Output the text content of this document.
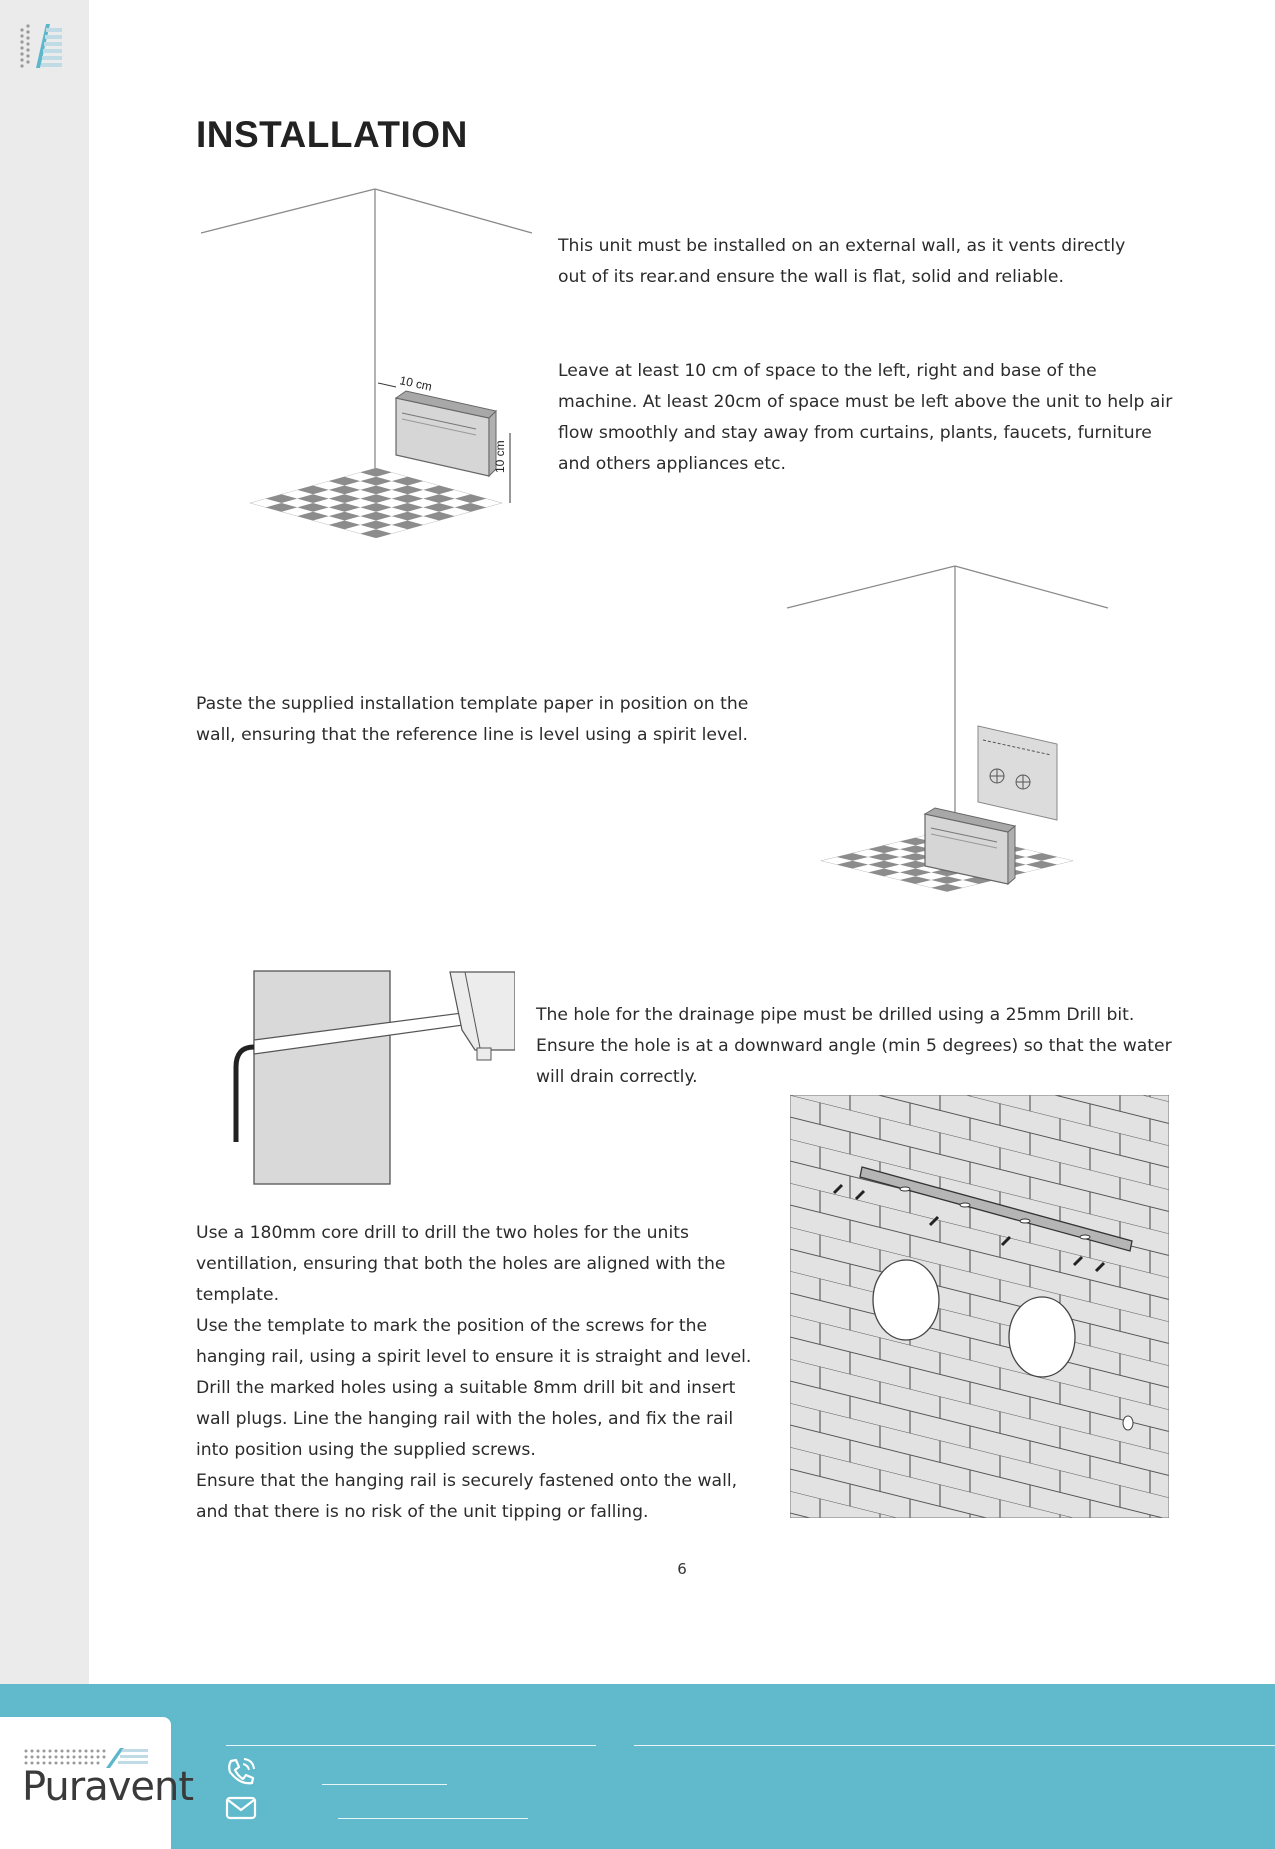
INSTALLATION
10 cm
10 cm

This unit must be installed on an external wall, as it vents directly out of its rear.and ensure the wall is flat, solid and reliable.

Leave at least 10 cm of space to the left, right and base of the machine. At least 20cm of space must be left above the unit to help air flow smoothly and stay away from curtains, plants, faucets, furniture and others appliances etc.

Paste the supplied installation template paper in position on the wall, ensuring that the reference line is level using a spirit level.

The hole for the drainage pipe must be drilled using a 25mm Drill bit. Ensure the hole is at a downward angle (min 5 degrees) so that the water will drain correctly.

Use a 180mm core drill to drill the two holes for the units ventillation, ensuring that both the holes are aligned with the template.

Use the template to mark the position of the screws for the hanging rail, using a spirit level to ensure it is straight and level. Drill the marked holes using a suitable 8mm drill bit and insert wall plugs. Line the hanging rail with the holes, and fix the rail into position using the supplied screws.

Ensure that the hanging rail is securely fastened onto the wall, and that there is no risk of the unit tipping or falling.

6
Puravent
